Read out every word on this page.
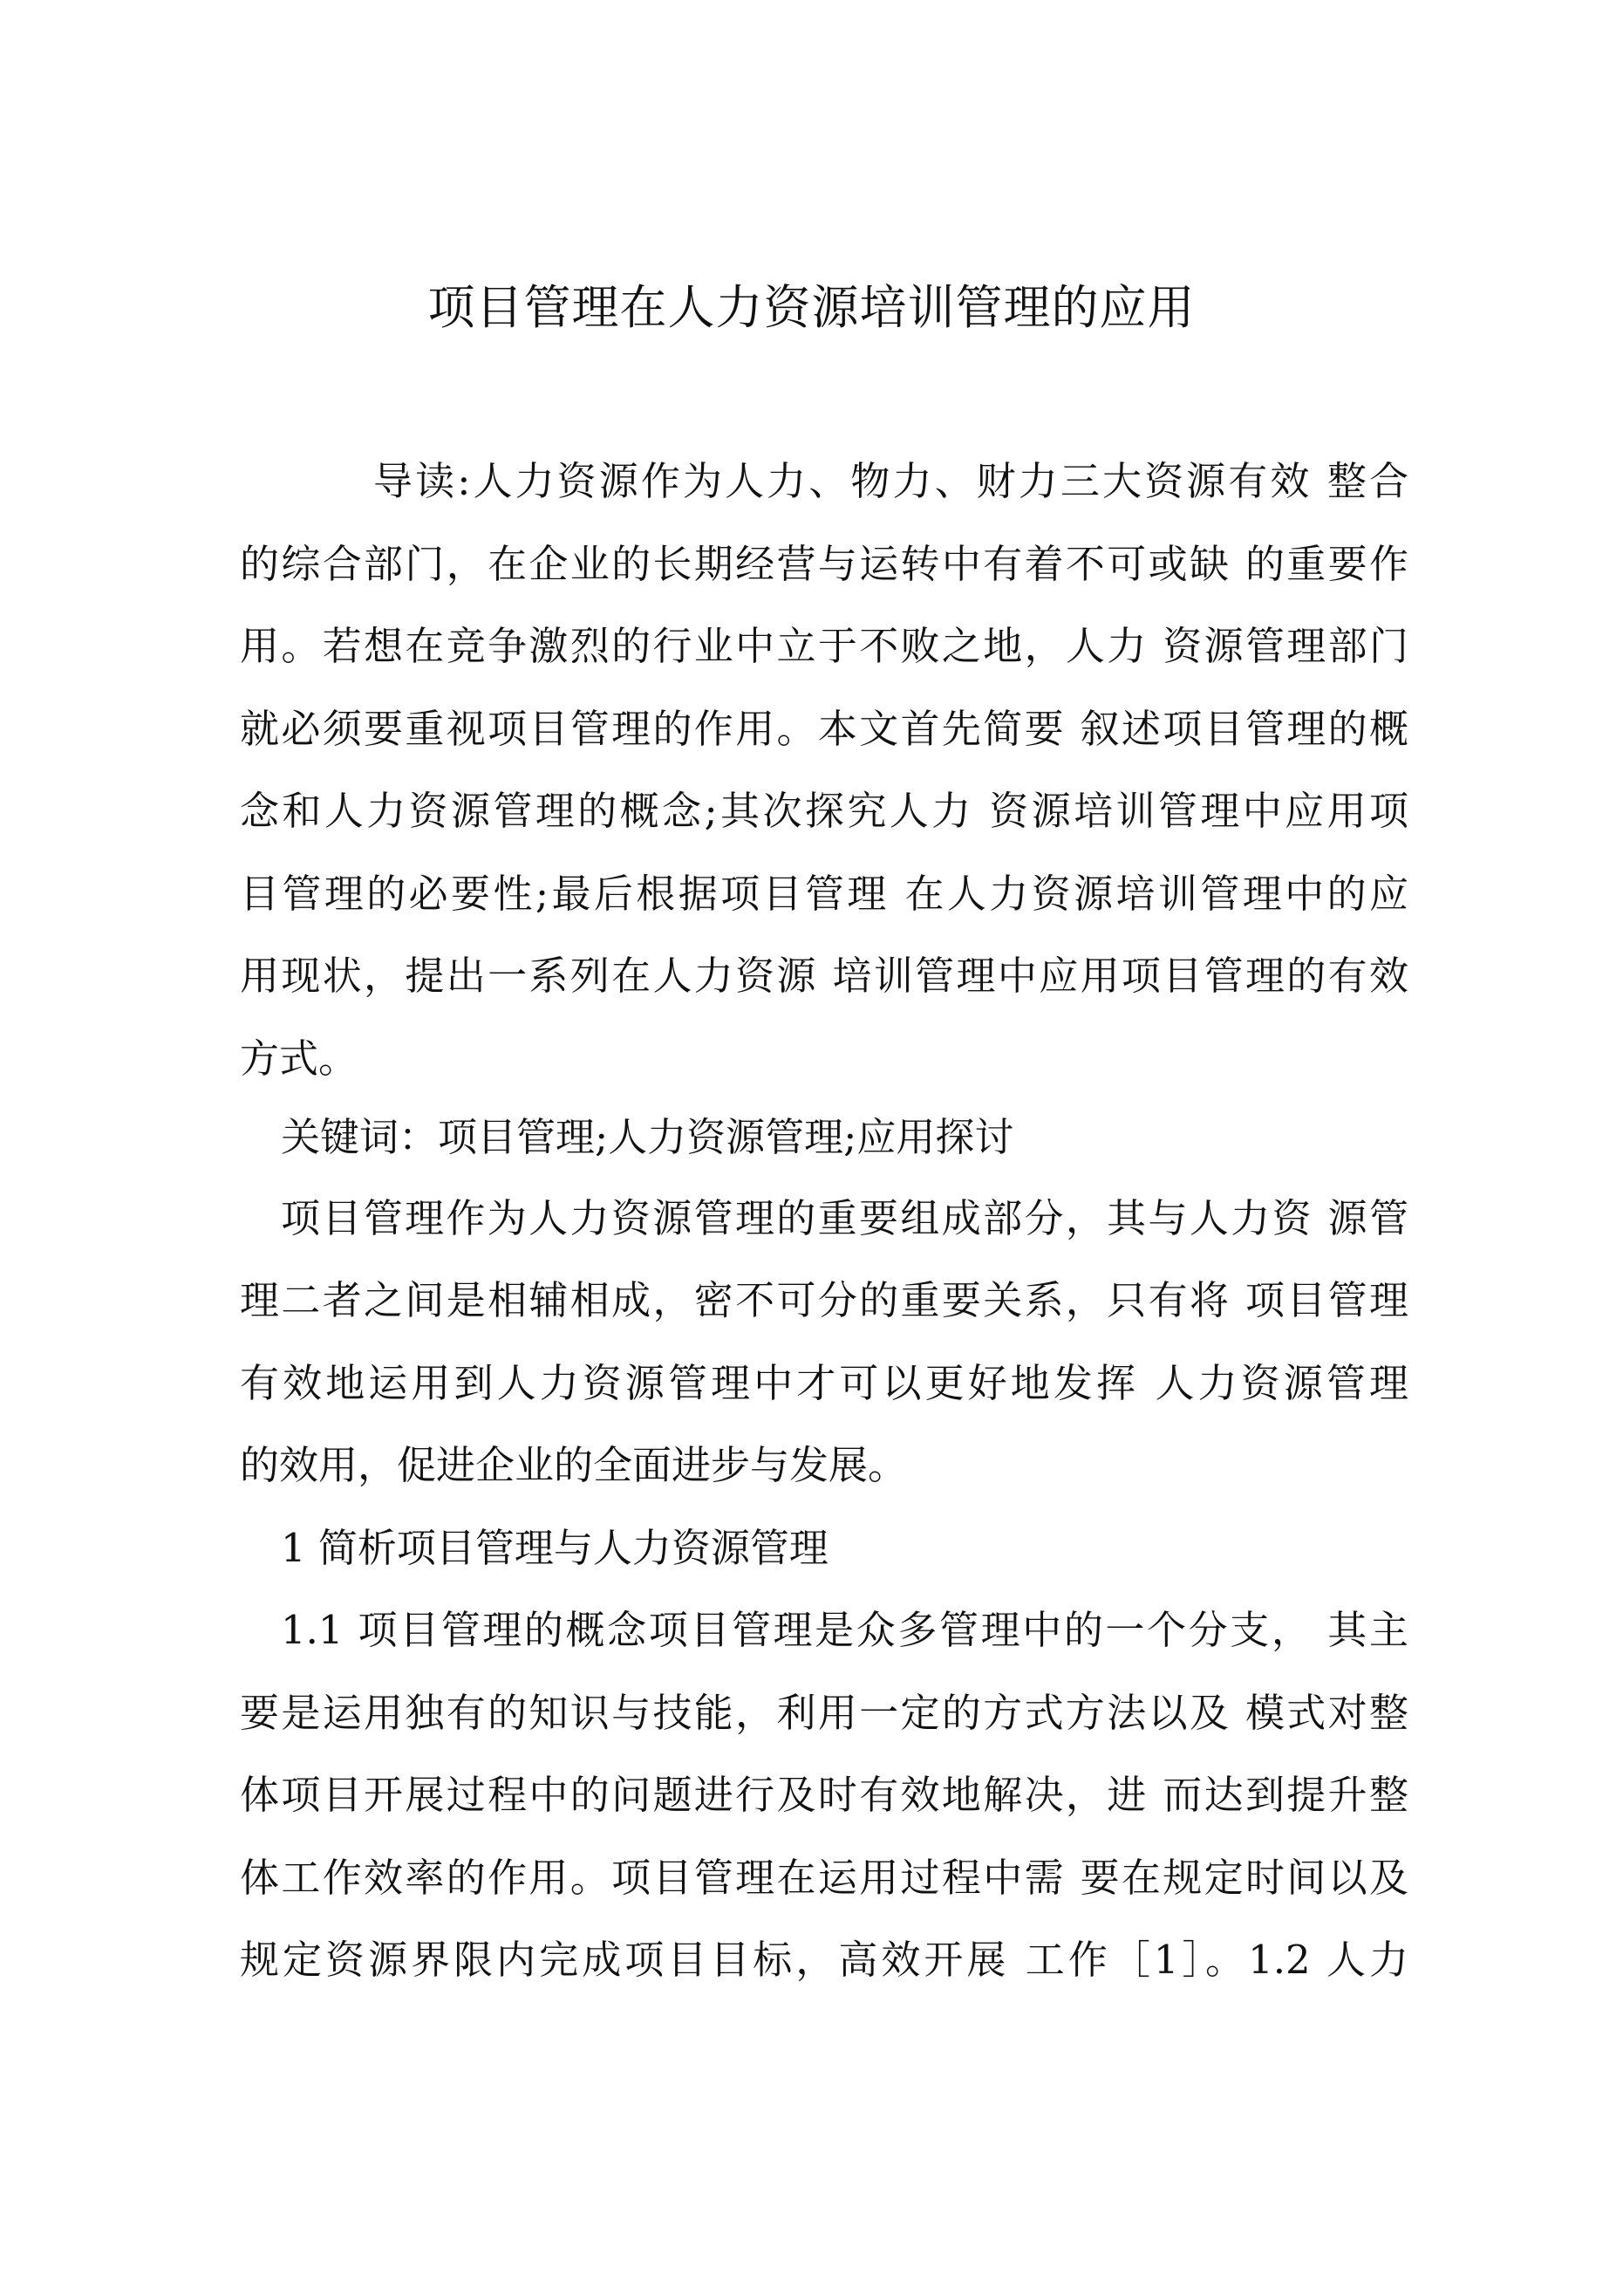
项目管理在人力资源培训管理的应用
导读:人力资源作为人力、物力、财力三大资源有效 整合
的综合部门，在企业的长期经营与运转中有着不可或缺 的重要作
用。若想在竞争激烈的行业中立于不败之地，人力 资源管理部门
就必须要重视项目管理的作用。本文首先简要 叙述项目管理的概
念和人力资源管理的概念;其次探究人力 资源培训管理中应用项
目管理的必要性;最后根据项目管理 在人力资源培训管理中的应
用现状，提出一系列在人力资源 培训管理中应用项目管理的有效
方式。
关键词：项目管理;人力资源管理;应用探讨
项目管理作为人力资源管理的重要组成部分，其与人力资 源管
理二者之间是相辅相成，密不可分的重要关系，只有将 项目管理
有效地运用到人力资源管理中才可以更好地发挥 人力资源管理
的效用，促进企业的全面进步与发展。
1 简析项目管理与人力资源管理
1.1 项目管理的概念项目管理是众多管理中的一个分支， 其主
要是运用独有的知识与技能，利用一定的方式方法以及 模式对整
体项目开展过程中的问题进行及时有效地解决，进 而达到提升整
体工作效率的作用。项目管理在运用过程中需 要在规定时间以及
规定资源界限内完成项目目标，高效开展 工作［1］。1.2 人力
